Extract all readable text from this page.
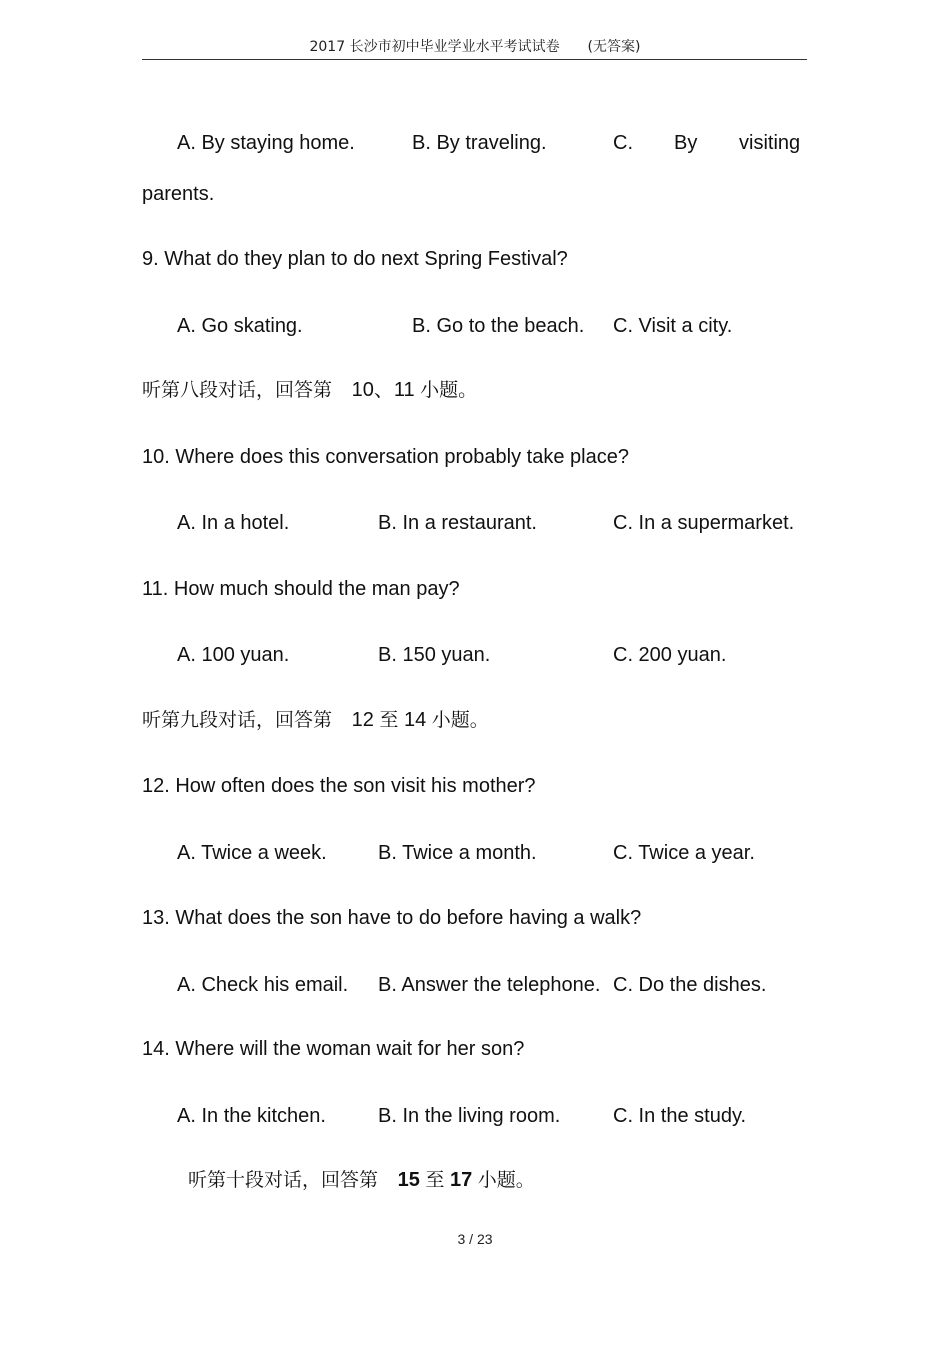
2017 长沙市初中毕业学业水平考试试卷　　(无答案)
A. By staying home.	B. By traveling.	C. By visiting
parents.
9. What do they plan to do next Spring Festival?
A. Go skating.	B. Go to the beach. C. Visit a city.
听第八段对话，回答第 10、11 小题。
10. Where does this conversation probably take place?
A. In a hotel.	B. In a restaurant.	C. In a supermarket.
11. How much should the man pay?
A. 100 yuan.	B. 150 yuan.	C. 200 yuan.
听第九段对话，回答第 12 至 14 小题。
12. How often does the son visit his mother?
A. Twice a week.	B. Twice a month.	C. Twice a year.
13. What does the son have to do before having a walk?
A. Check his email. B. Answer the telephone. C. Do the dishes.
14. Where will the woman wait for her son?
A. In the kitchen.	B. In the living room.	C. In the study.
听第十段对话，回答第 15 至 17 小题。
3 / 23
